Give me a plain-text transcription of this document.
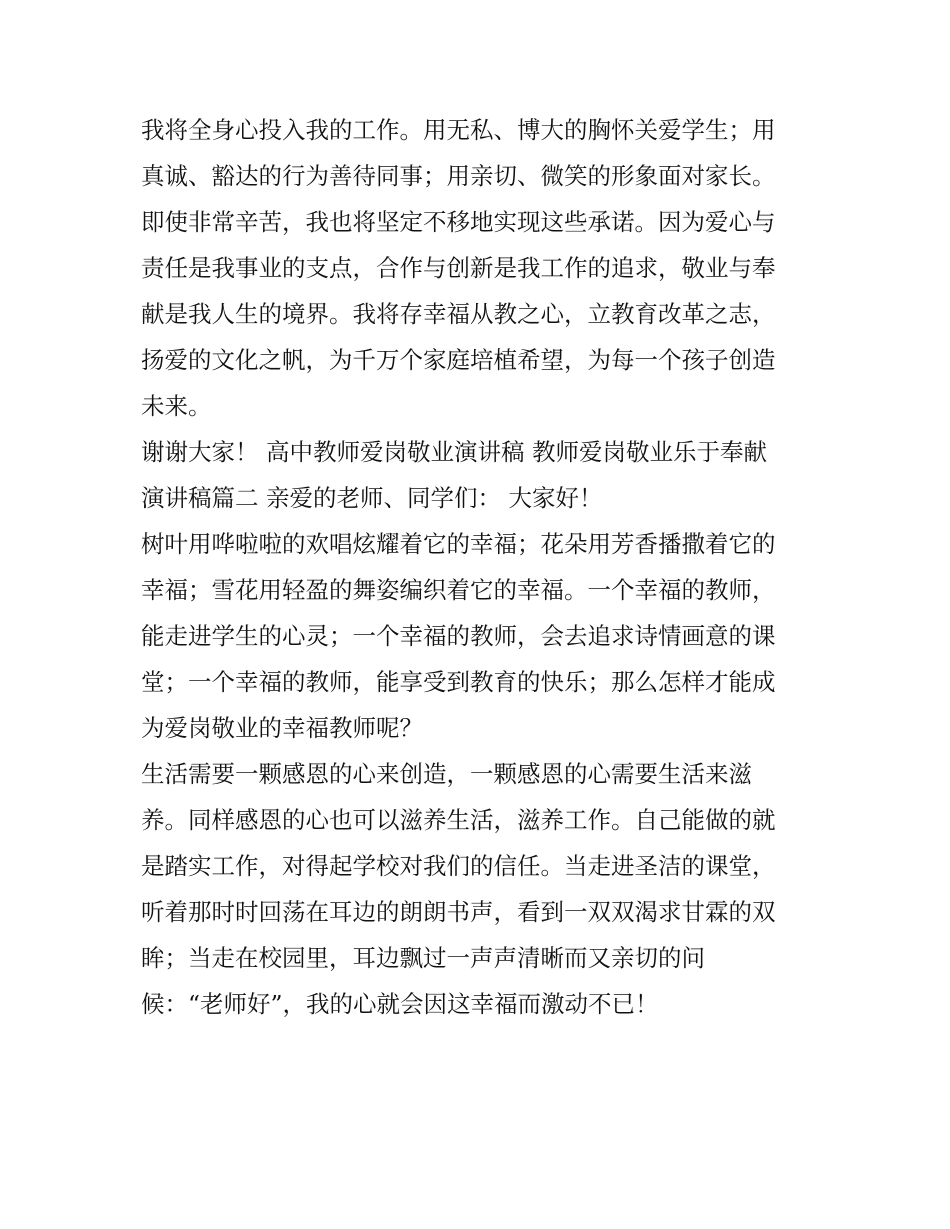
我将全身心投入我的工作。用无私、博大的胸怀关爱学生；用
真诚、豁达的行为善待同事；用亲切、微笑的形象面对家长。
即使非常辛苦，我也将坚定不移地实现这些承诺。因为爱心与
责任是我事业的支点，合作与创新是我工作的追求，敬业与奉
献是我人生的境界。我将存幸福从教之心，立教育改革之志，
扬爱的文化之帆，为千万个家庭培植希望，为每一个孩子创造
未来。
谢谢大家！ 高中教师爱岗敬业演讲稿 教师爱岗敬业乐于奉献
演讲稿篇二 亲爱的老师、同学们： 大家好！
树叶用哗啦啦的欢唱炫耀着它的幸福；花朵用芳香播撒着它的
幸福；雪花用轻盈的舞姿编织着它的幸福。一个幸福的教师，
能走进学生的心灵；一个幸福的教师，会去追求诗情画意的课
堂；一个幸福的教师，能享受到教育的快乐；那么怎样才能成
为爱岗敬业的幸福教师呢？
生活需要一颗感恩的心来创造，一颗感恩的心需要生活来滋
养。同样感恩的心也可以滋养生活，滋养工作。自己能做的就
是踏实工作，对得起学校对我们的信任。当走进圣洁的课堂，
听着那时时回荡在耳边的朗朗书声，看到一双双渴求甘霖的双
眸；当走在校园里，耳边飘过一声声清晰而又亲切的问
候：“老师好”，我的心就会因这幸福而激动不已！
